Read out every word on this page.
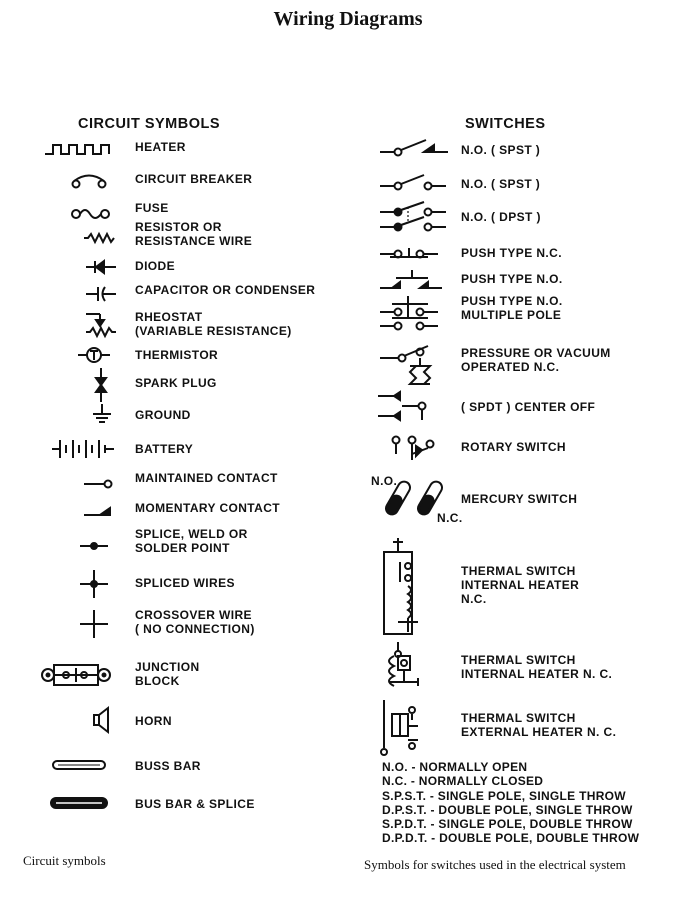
Wiring Diagrams
CIRCUIT SYMBOLS	SWITCHES
HEATER
CIRCUIT BREAKER
FUSE
RESISTOR OR
RESISTANCE WIRE
DIODE
CAPACITOR OR CONDENSER
RHEOSTAT
(VARIABLE RESISTANCE)
THERMISTOR
SPARK PLUG
GROUND
BATTERY
MAINTAINED CONTACT
MOMENTARY CONTACT
SPLICE, WELD OR
SOLDER POINT
SPLICED WIRES
CROSSOVER WIRE
( NO CONNECTION)
JUNCTION
BLOCK
HORN
BUSS BAR
BUS BAR & SPLICE
N.O. ( SPST )
N.O. ( SPST )
N.O. ( DPST )
PUSH TYPE N.C.
PUSH TYPE N.O.
PUSH TYPE N.O.
MULTIPLE POLE
PRESSURE OR VACUUM
OPERATED N.C.
( SPDT ) CENTER OFF
ROTARY SWITCH
MERCURY SWITCH
N.O.
N.C.
THERMAL SWITCH
INTERNAL HEATER
N.C.
THERMAL SWITCH
INTERNAL HEATER N. C.
THERMAL SWITCH
EXTERNAL HEATER N. C.
N.O. - NORMALLY OPEN
N.C. - NORMALLY CLOSED
S.P.S.T. - SINGLE POLE, SINGLE THROW
D.P.S.T. - DOUBLE POLE, SINGLE THROW
S.P.D.T. - SINGLE POLE, DOUBLE THROW
D.P.D.T. - DOUBLE POLE, DOUBLE THROW
Circuit symbols	Symbols for switches used in the electrical system
